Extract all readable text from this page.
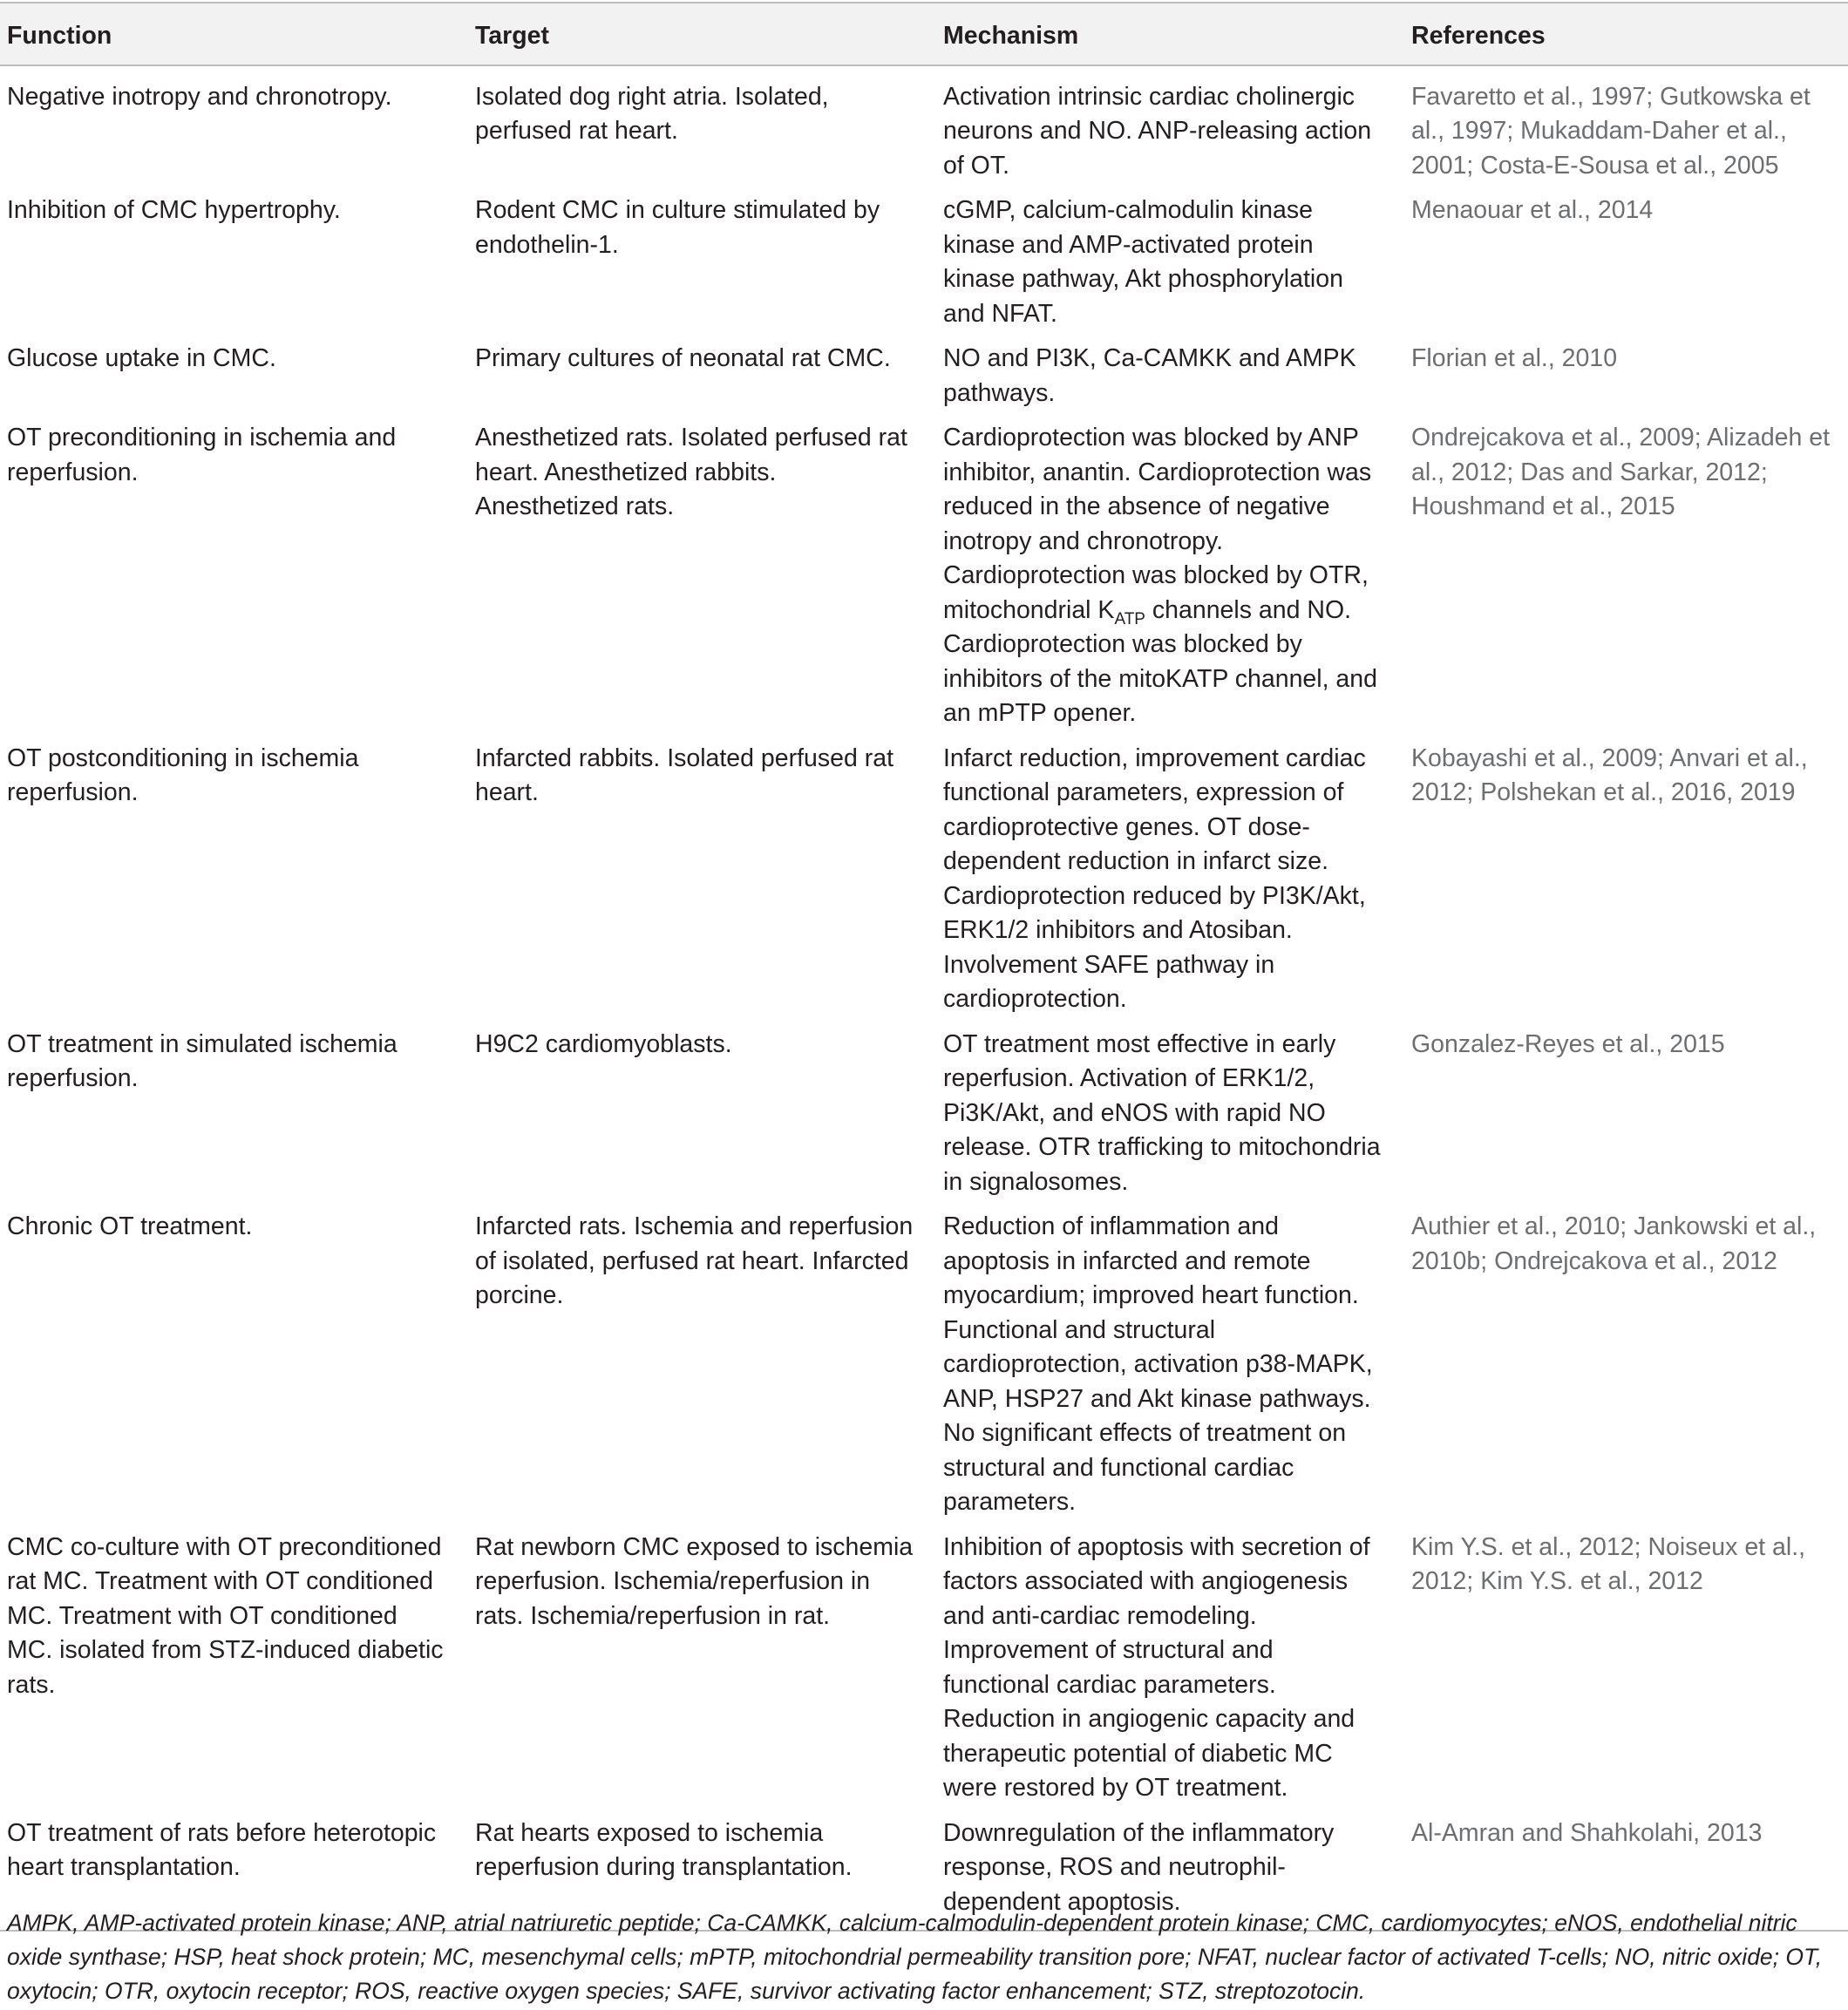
Function	Target	Mechanism	References
Negative inotropy and chronotropy.	Isolated dog right atria. Isolated, perfused rat heart.	Activation intrinsic cardiac cholinergic neurons and NO. ANP-releasing action of OT.	Favaretto et al., 1997; Gutkowska et al., 1997; Mukaddam-Daher et al., 2001; Costa-E-Sousa et al., 2005
Inhibition of CMC hypertrophy.	Rodent CMC in culture stimulated by endothelin-1.	cGMP, calcium-calmodulin kinase kinase and AMP-activated protein kinase pathway, Akt phosphorylation and NFAT.	Menaouar et al., 2014
Glucose uptake in CMC.	Primary cultures of neonatal rat CMC.	NO and PI3K, Ca-CAMKK and AMPK pathways.	Florian et al., 2010
OT preconditioning in ischemia and reperfusion.	Anesthetized rats. Isolated perfused rat heart. Anesthetized rabbits. Anesthetized rats.	Cardioprotection was blocked by ANP inhibitor, anantin. Cardioprotection was reduced in the absence of negative inotropy and chronotropy. Cardioprotection was blocked by OTR, mitochondrial $K_{ATP}$ channels and NO. Cardioprotection was blocked by inhibitors of the mitoKATP channel, and an mPTP opener.	Ondrejcakova et al., 2009; Alizadeh et al., 2012; Das and Sarkar, 2012; Houshmand et al., 2015
OT postconditioning in ischemia reperfusion.	Infarcted rabbits. Isolated perfused rat heart.	Infarct reduction, improvement cardiac functional parameters, expression of cardioprotective genes. OT dose-dependent reduction in infarct size. Cardioprotection reduced by PI3K/Akt, ERK1/2 inhibitors and Atosiban. Involvement SAFE pathway in cardioprotection.	Kobayashi et al., 2009; Anvari et al., 2012; Polshekan et al., 2016, 2019
OT treatment in simulated ischemia reperfusion.	H9C2 cardiomyoblasts.	OT treatment most effective in early reperfusion. Activation of ERK1/2, Pi3K/Akt, and eNOS with rapid NO release. OTR trafficking to mitochondria in signalosomes.	Gonzalez-Reyes et al., 2015
Chronic OT treatment.	Infarcted rats. Ischemia and reperfusion of isolated, perfused rat heart. Infarcted porcine.	Reduction of inflammation and apoptosis in infarcted and remote myocardium; improved heart function. Functional and structural cardioprotection, activation p38-MAPK, ANP, HSP27 and Akt kinase pathways. No significant effects of treatment on structural and functional cardiac parameters.	Authier et al., 2010; Jankowski et al., 2010b; Ondrejcakova et al., 2012
CMC co-culture with OT preconditioned rat MC. Treatment with OT conditioned MC. Treatment with OT conditioned MC. isolated from STZ-induced diabetic rats.	Rat newborn CMC exposed to ischemia reperfusion. Ischemia/reperfusion in rats. Ischemia/reperfusion in rat.	Inhibition of apoptosis with secretion of factors associated with angiogenesis and anti-cardiac remodeling. Improvement of structural and functional cardiac parameters. Reduction in angiogenic capacity and therapeutic potential of diabetic MC were restored by OT treatment.	Kim Y.S. et al., 2012; Noiseux et al., 2012; Kim Y.S. et al., 2012
OT treatment of rats before heterotopic heart transplantation.	Rat hearts exposed to ischemia reperfusion during transplantation.	Downregulation of the inflammatory response, ROS and neutrophil-dependent apoptosis.	Al-Amran and Shahkolahi, 2013
AMPK, AMP-activated protein kinase; ANP, atrial natriuretic peptide; Ca-CAMKK, calcium-calmodulin-dependent protein kinase; CMC, cardiomyocytes; eNOS, endothelial nitric oxide synthase; HSP, heat shock protein; MC, mesenchymal cells; mPTP, mitochondrial permeability transition pore; NFAT, nuclear factor of activated T-cells; NO, nitric oxide; OT, oxytocin; OTR, oxytocin receptor; ROS, reactive oxygen species; SAFE, survivor activating factor enhancement; STZ, streptozotocin.
